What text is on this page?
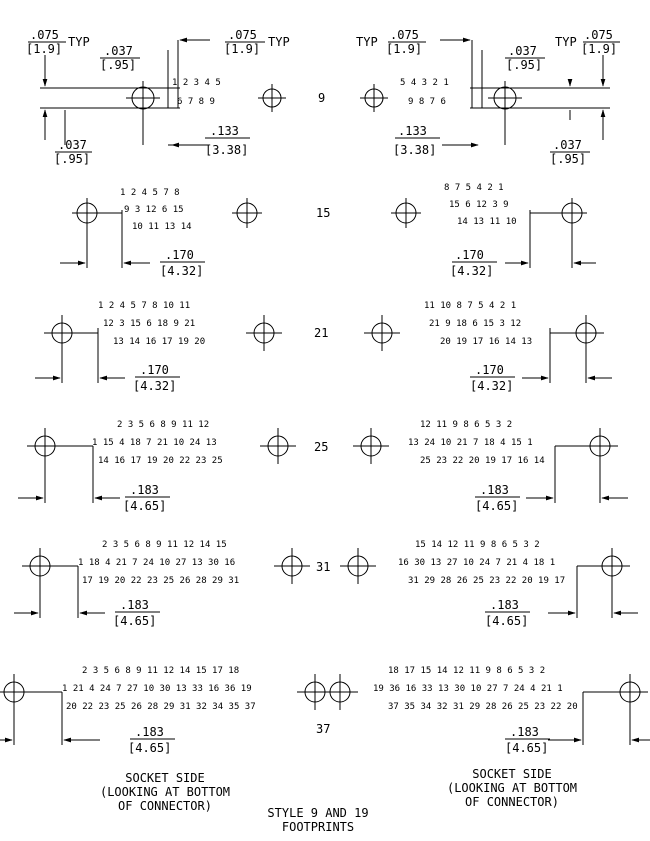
.075
[1.9] TYP
.037
[.95]
.075
[1.9] TYP
.037
[.95]
.133
[3.38]
TYP .075
[1.9]	.037
[.95]
TYP .075
[1.9]
.037
[.95]
.133
[3.38]
.170
[4.32]
.170
[4.32]
.170
[4.32]
.170
[4.32]
.183
[4.65]
.183
[4.65]
.183
[4.65]
.183
[4.65]
.183
[4.65]
.183
[4.65]
9
15
21
25
31
37
1 2 3 4 5
6 7 8 9
5 4 3 2 1
9 8 7 6
1 2 4 5 7 8
9 3 12 6 15
10 11 13 14
8 7 5 4 2 1
15 6 12 3 9
14 13 11 10
1 2 4 5 7 8 10 11
12 3 15 6 18 9 21
13 14 16 17 19 20
11 10 8 7 5 4 2 1
21 9 18 6 15 3 12
20 19 17 16 14 13
2 3 5 6 8 9 11 12
1 15 4 18 7 21 10 24 13
14 16 17 19 20 22 23 25
12 11 9 8 6 5 3 2
13 24 10 21 7 18 4 15 1
25 23 22 20 19 17 16 14
2 3 5 6 8 9 11 12 14 15
1 18 4 21 7 24 10 27 13 30 16
17 19 20 22 23 25 26 28 29 31
15 14 12 11 9 8 6 5 3 2
16 30 13 27 10 24 7 21 4 18 1
31 29 28 26 25 23 22 20 19 17
2 3 5 6 8 9 11 12 14 15 17 18
1 21 4 24 7 27 10 30 13 33 16 36 19
20 22 23 25 26 28 29 31 32 34 35 37
18 17 15 14 12 11 9 8 6 5 3 2
19 36 16 33 13 30 10 27 7 24 4 21 1
37 35 34 32 31 29 28 26 25 23 22 20
SOCKET SIDE
(LOOKING AT BOTTOM
OF CONNECTOR)
SOCKET SIDE
(LOOKING AT BOTTOM
OF CONNECTOR)
STYLE 9 AND 19
FOOTPRINTS
